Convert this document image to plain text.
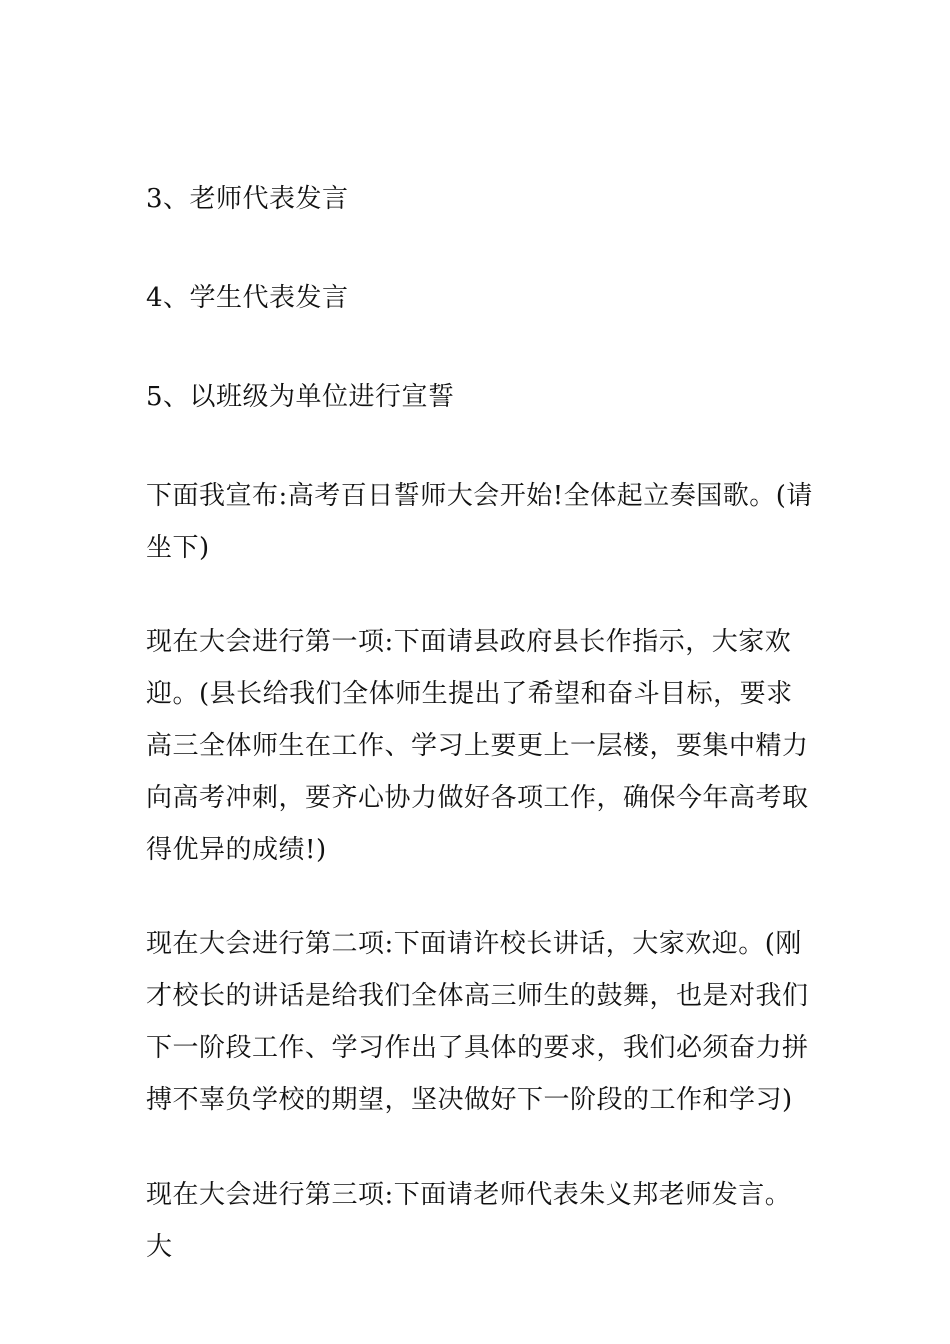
3、老师代表发言

4、学生代表发言

5、以班级为单位进行宣誓

下面我宣布:高考百日誓师大会开始!全体起立奏国歌。(请坐下)

现在大会进行第一项:下面请县政府县长作指示，大家欢迎。(县长给我们全体师生提出了希望和奋斗目标，要求高三全体师生在工作、学习上要更上一层楼，要集中精力向高考冲刺，要齐心协力做好各项工作，确保今年高考取得优异的成绩!)

现在大会进行第二项:下面请许校长讲话，大家欢迎。(刚才校长的讲话是给我们全体高三师生的鼓舞，也是对我们下一阶段工作、学习作出了具体的要求，我们必须奋力拼搏不辜负学校的期望，坚决做好下一阶段的工作和学习)

现在大会进行第三项:下面请老师代表朱义邦老师发言。大
